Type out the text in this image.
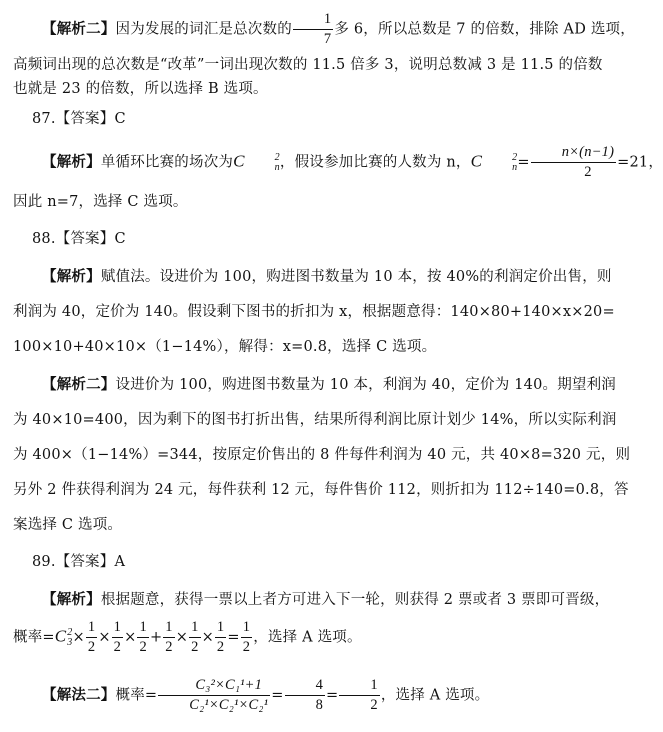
【解析二】因为发展的词汇是总次数的 $\frac{1}{7}$ 多 6，所以总数是 7 的倍数，排除 AD 选项，
高频词出现的总次数是“改革”一词出现次数的 11.5 倍多 3，说明总数减 3 是 11.5 的倍数
也就是 23 的倍数，所以选择 B 选项。
87.【答案】C
【解析】单循环比赛的场次为C	2
n ，假设参加比赛的人数为 n，C	2
$n = \frac{n\times(n-1)}{2} =21$，
因此 n=7，选择 C 选项。
88.【答案】C
【解析】赋值法。设进价为 100，购进图书数量为 10 本，按 40%的利润定价出售，则
利润为 40，定价为 140。假设剩下图书的折扣为 x，根据题意得：140×80+140×x×20=
100×10+40×10×（1−14%），解得：x=0.8，选择 C 选项。
【解析二】设进价为 100，购进图书数量为 10 本，利润为 40，定价为 140。期望利润
为 40×10=400，因为剩下的图书打折出售，结果所得利润比原计划少 14%，所以实际利润
为 400×（1−14%）=344，按原定价售出的 8 件每件利润为 40 元，共 40×8=320 元，则
另外 2 件获得利润为 24 元，每件获利 12 元，每件售价 112，则折扣为 112÷140=0.8，答
案选择 C 选项。
89.【答案】A
【解析】根据题意，获得一票以上者方可进入下一轮，则获得 2 票或者 3 票即可晋级，
概率=C 2
$3 \times \frac{1}{2} \times \frac{1}{2} \times \frac{1}{2} + \frac{1}{2} \times \frac{1}{2} \times \frac{1}{2} = \frac{1}{2}$ ，选择 A 选项。
【解法二】概率= $\frac{\text{C₃²×C₁¹+1}}{\text{C₂¹×C₂¹×C₂¹}} = \frac{4}{8} = \frac{1}{2}$ ，选择 A 选项。
